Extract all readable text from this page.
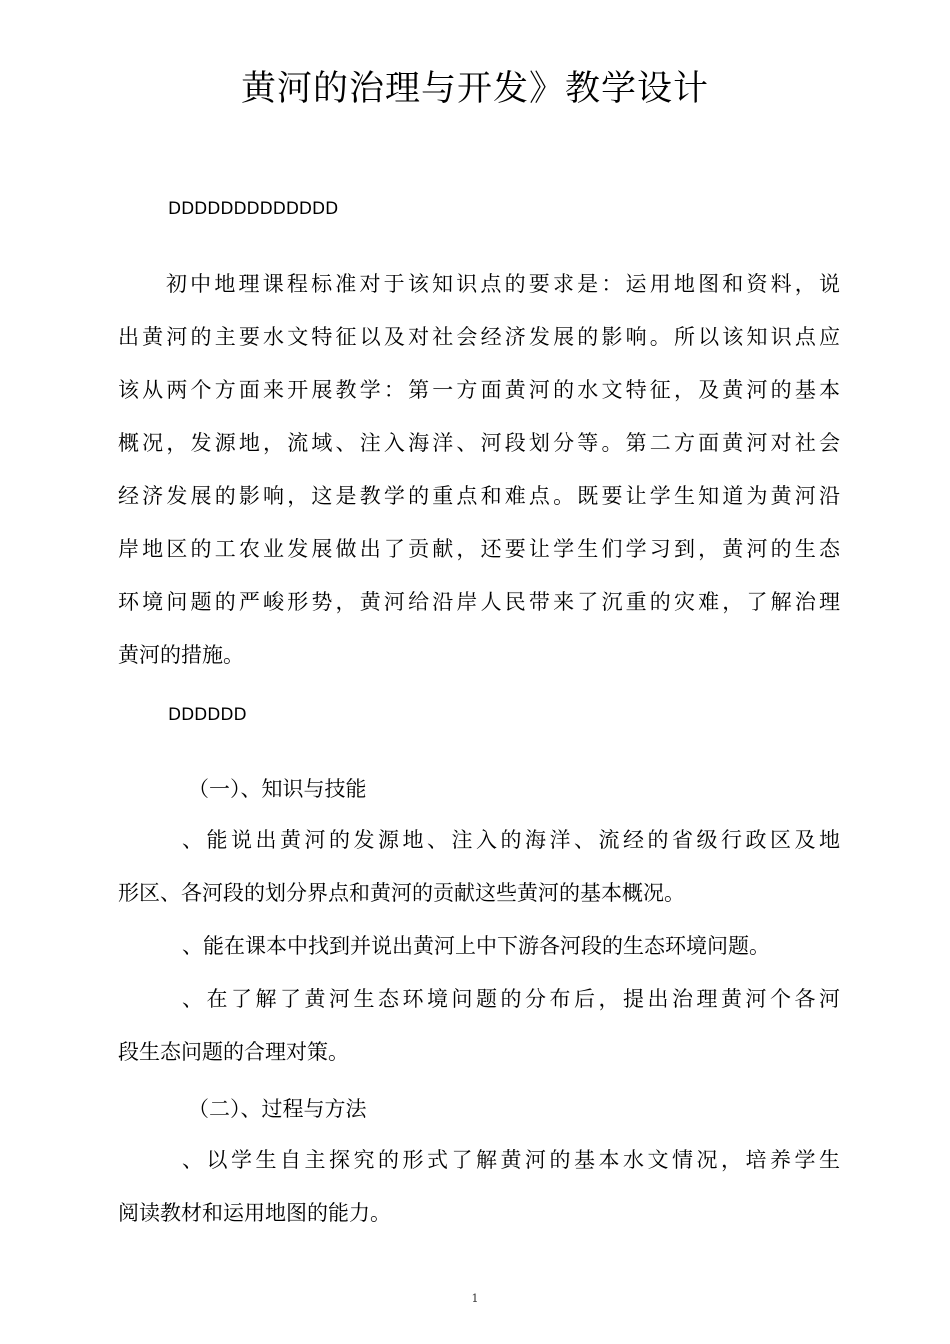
黄河的治理与开发》教学设计

DDDDDDDDDDDDD

初中地理课程标准对于该知识点的要求是：运用地图和资料，说
出黄河的主要水文特征以及对社会经济发展的影响。所以该知识点应
该从两个方面来开展教学：第一方面黄河的水文特征，及黄河的基本
概况，发源地，流域、注入海洋、河段划分等。第二方面黄河对社会
经济发展的影响，这是教学的重点和难点。既要让学生知道为黄河沿
岸地区的工农业发展做出了贡献，还要让学生们学习到，黄河的生态
环境问题的严峻形势，黄河给沿岸人民带来了沉重的灾难，了解治理
黄河的措施。

DDDDDD

（一）、知识与技能

、能说出黄河的发源地、注入的海洋、流经的省级行政区及地
形区、各河段的划分界点和黄河的贡献这些黄河的基本概况。
、能在课本中找到并说出黄河上中下游各河段的生态环境问题。
、在了解了黄河生态环境问题的分布后，提出治理黄河个各河
段生态问题的合理对策。

（二）、过程与方法

、以学生自主探究的形式了解黄河的基本水文情况，培养学生
阅读教材和运用地图的能力。
1
